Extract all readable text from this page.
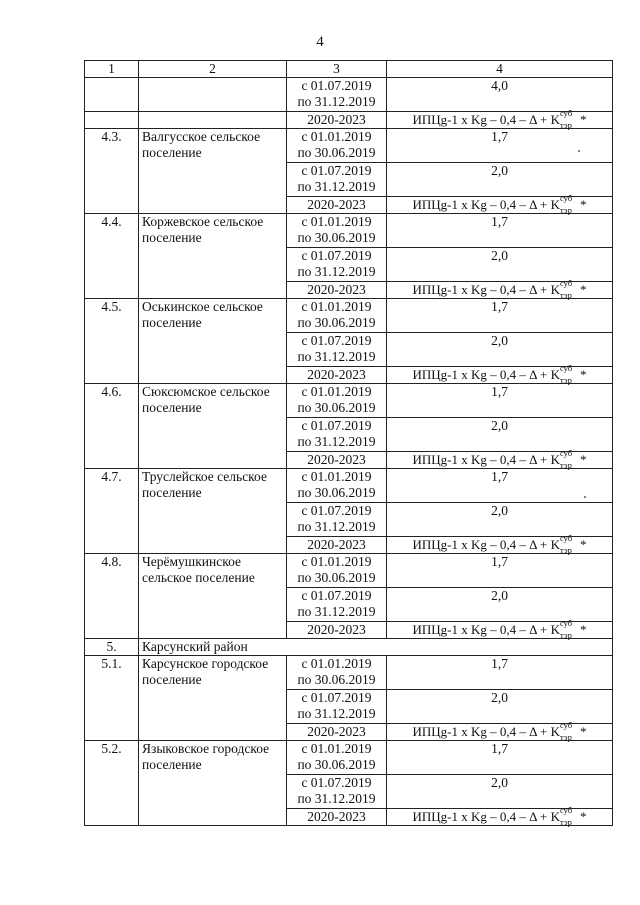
4
1	2	3	4

		с 01.07.2019
по 31.12.2019	4,0
		2020-2023	ИПЦg-1 x Kg – 0,4 – Δ + K суб
тэр *
4.3.	Валгусское сельское поселение	с 01.01.2019
по 30.06.2019	1,7

		с 01.07.2019
по 31.12.2019	2,0
		2020-2023	ИПЦg-1 x Kg – 0,4 – Δ + K суб
тэр *
4.4.	Коржевское сельское поселение	с 01.01.2019
по 30.06.2019	1,7

		с 01.07.2019
по 31.12.2019	2,0
		2020-2023	ИПЦg-1 x Kg – 0,4 – Δ + K суб
тэр *
4.5.	Оськинское сельское поселение	с 01.01.2019
по 30.06.2019	1,7

		с 01.07.2019
по 31.12.2019	2,0
		2020-2023	ИПЦg-1 x Kg – 0,4 – Δ + K суб
тэр *
4.6.	Сюксюмское сельское поселение	с 01.01.2019
по 30.06.2019	1,7

		с 01.07.2019
по 31.12.2019	2,0
		2020-2023	ИПЦg-1 x Kg – 0,4 – Δ + K суб
тэр *
4.7.	Труслейское сельское поселение	с 01.01.2019
по 30.06.2019	1,7

		с 01.07.2019
по 31.12.2019	2,0
		2020-2023	ИПЦg-1 x Kg – 0,4 – Δ + K суб
тэр *
4.8.	Черёмушкинское сельское поселение	с 01.01.2019
по 30.06.2019	1,7

		с 01.07.2019
по 31.12.2019	2,0
		2020-2023	ИПЦg-1 x Kg – 0,4 – Δ + K суб
тэр *
5.	Карсунский район		
5.1.	Карсунское городское поселение	с 01.01.2019
по 30.06.2019	1,7

		с 01.07.2019
по 31.12.2019	2,0
		2020-2023	ИПЦg-1 x Kg – 0,4 – Δ + K суб
тэр *
5.2.	Языковское городское поселение	с 01.01.2019
по 30.06.2019	1,7

		с 01.07.2019
по 31.12.2019	2,0
		2020-2023	ИПЦg-1 x Kg – 0,4 – Δ + K суб
тэр *
